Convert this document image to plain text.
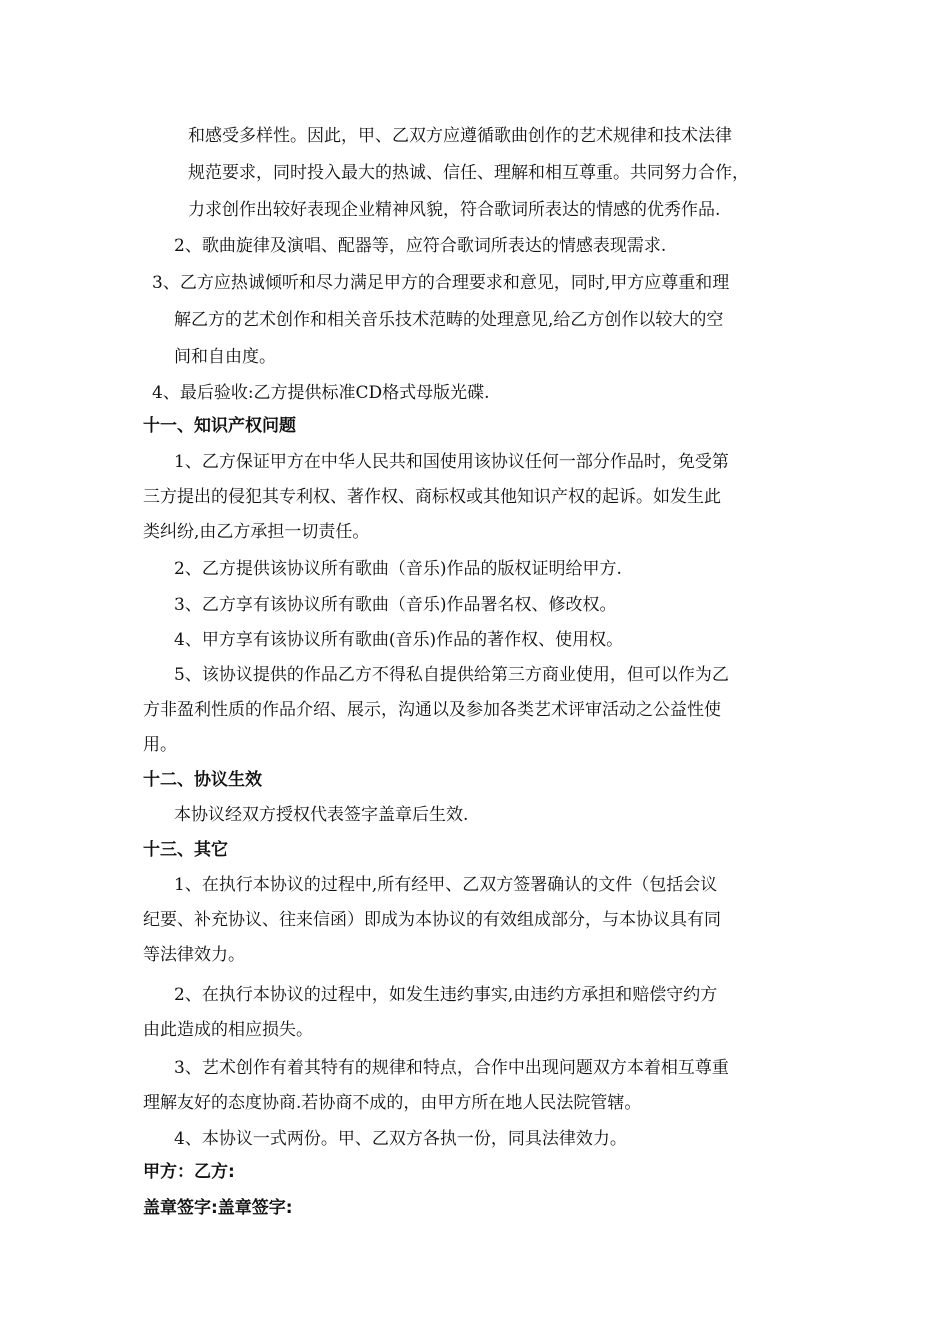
和感受多样性。因此，甲、乙双方应遵循歌曲创作的艺术规律和技术法律
规范要求，同时投入最大的热诚、信任、理解和相互尊重。共同努力合作，
力求创作出较好表现企业精神风貌，符合歌词所表达的情感的优秀作品.
2、歌曲旋律及演唱、配器等，应符合歌词所表达的情感表现需求.
3、乙方应热诚倾听和尽力满足甲方的合理要求和意见，同时,甲方应尊重和理
解乙方的艺术创作和相关音乐技术范畴的处理意见,给乙方创作以较大的空
间和自由度。
4、最后验收:乙方提供标准CD格式母版光碟.
十一、知识产权问题
1、乙方保证甲方在中华人民共和国使用该协议任何一部分作品时，免受第
三方提出的侵犯其专利权、著作权、商标权或其他知识产权的起诉。如发生此
类纠纷,由乙方承担一切责任。
2、乙方提供该协议所有歌曲（音乐)作品的版权证明给甲方.
3、乙方享有该协议所有歌曲（音乐)作品署名权、修改权。
4、甲方享有该协议所有歌曲(音乐)作品的著作权、使用权。
5、该协议提供的作品乙方不得私自提供给第三方商业使用，但可以作为乙
方非盈利性质的作品介绍、展示，沟通以及参加各类艺术评审活动之公益性使
用。
十二、协议生效
本协议经双方授权代表签字盖章后生效.
十三、其它
1、在执行本协议的过程中,所有经甲、乙双方签署确认的文件（包括会议
纪要、补充协议、往来信函）即成为本协议的有效组成部分，与本协议具有同
等法律效力。
2、在执行本协议的过程中，如发生违约事实,由违约方承担和赔偿守约方
由此造成的相应损失。
3、艺术创作有着其特有的规律和特点，合作中出现问题双方本着相互尊重
理解友好的态度协商.若协商不成的，由甲方所在地人民法院管辖。
4、本协议一式两份。甲、乙双方各执一份，同具法律效力。
甲方：乙方:
盖章签字:盖章签字:
